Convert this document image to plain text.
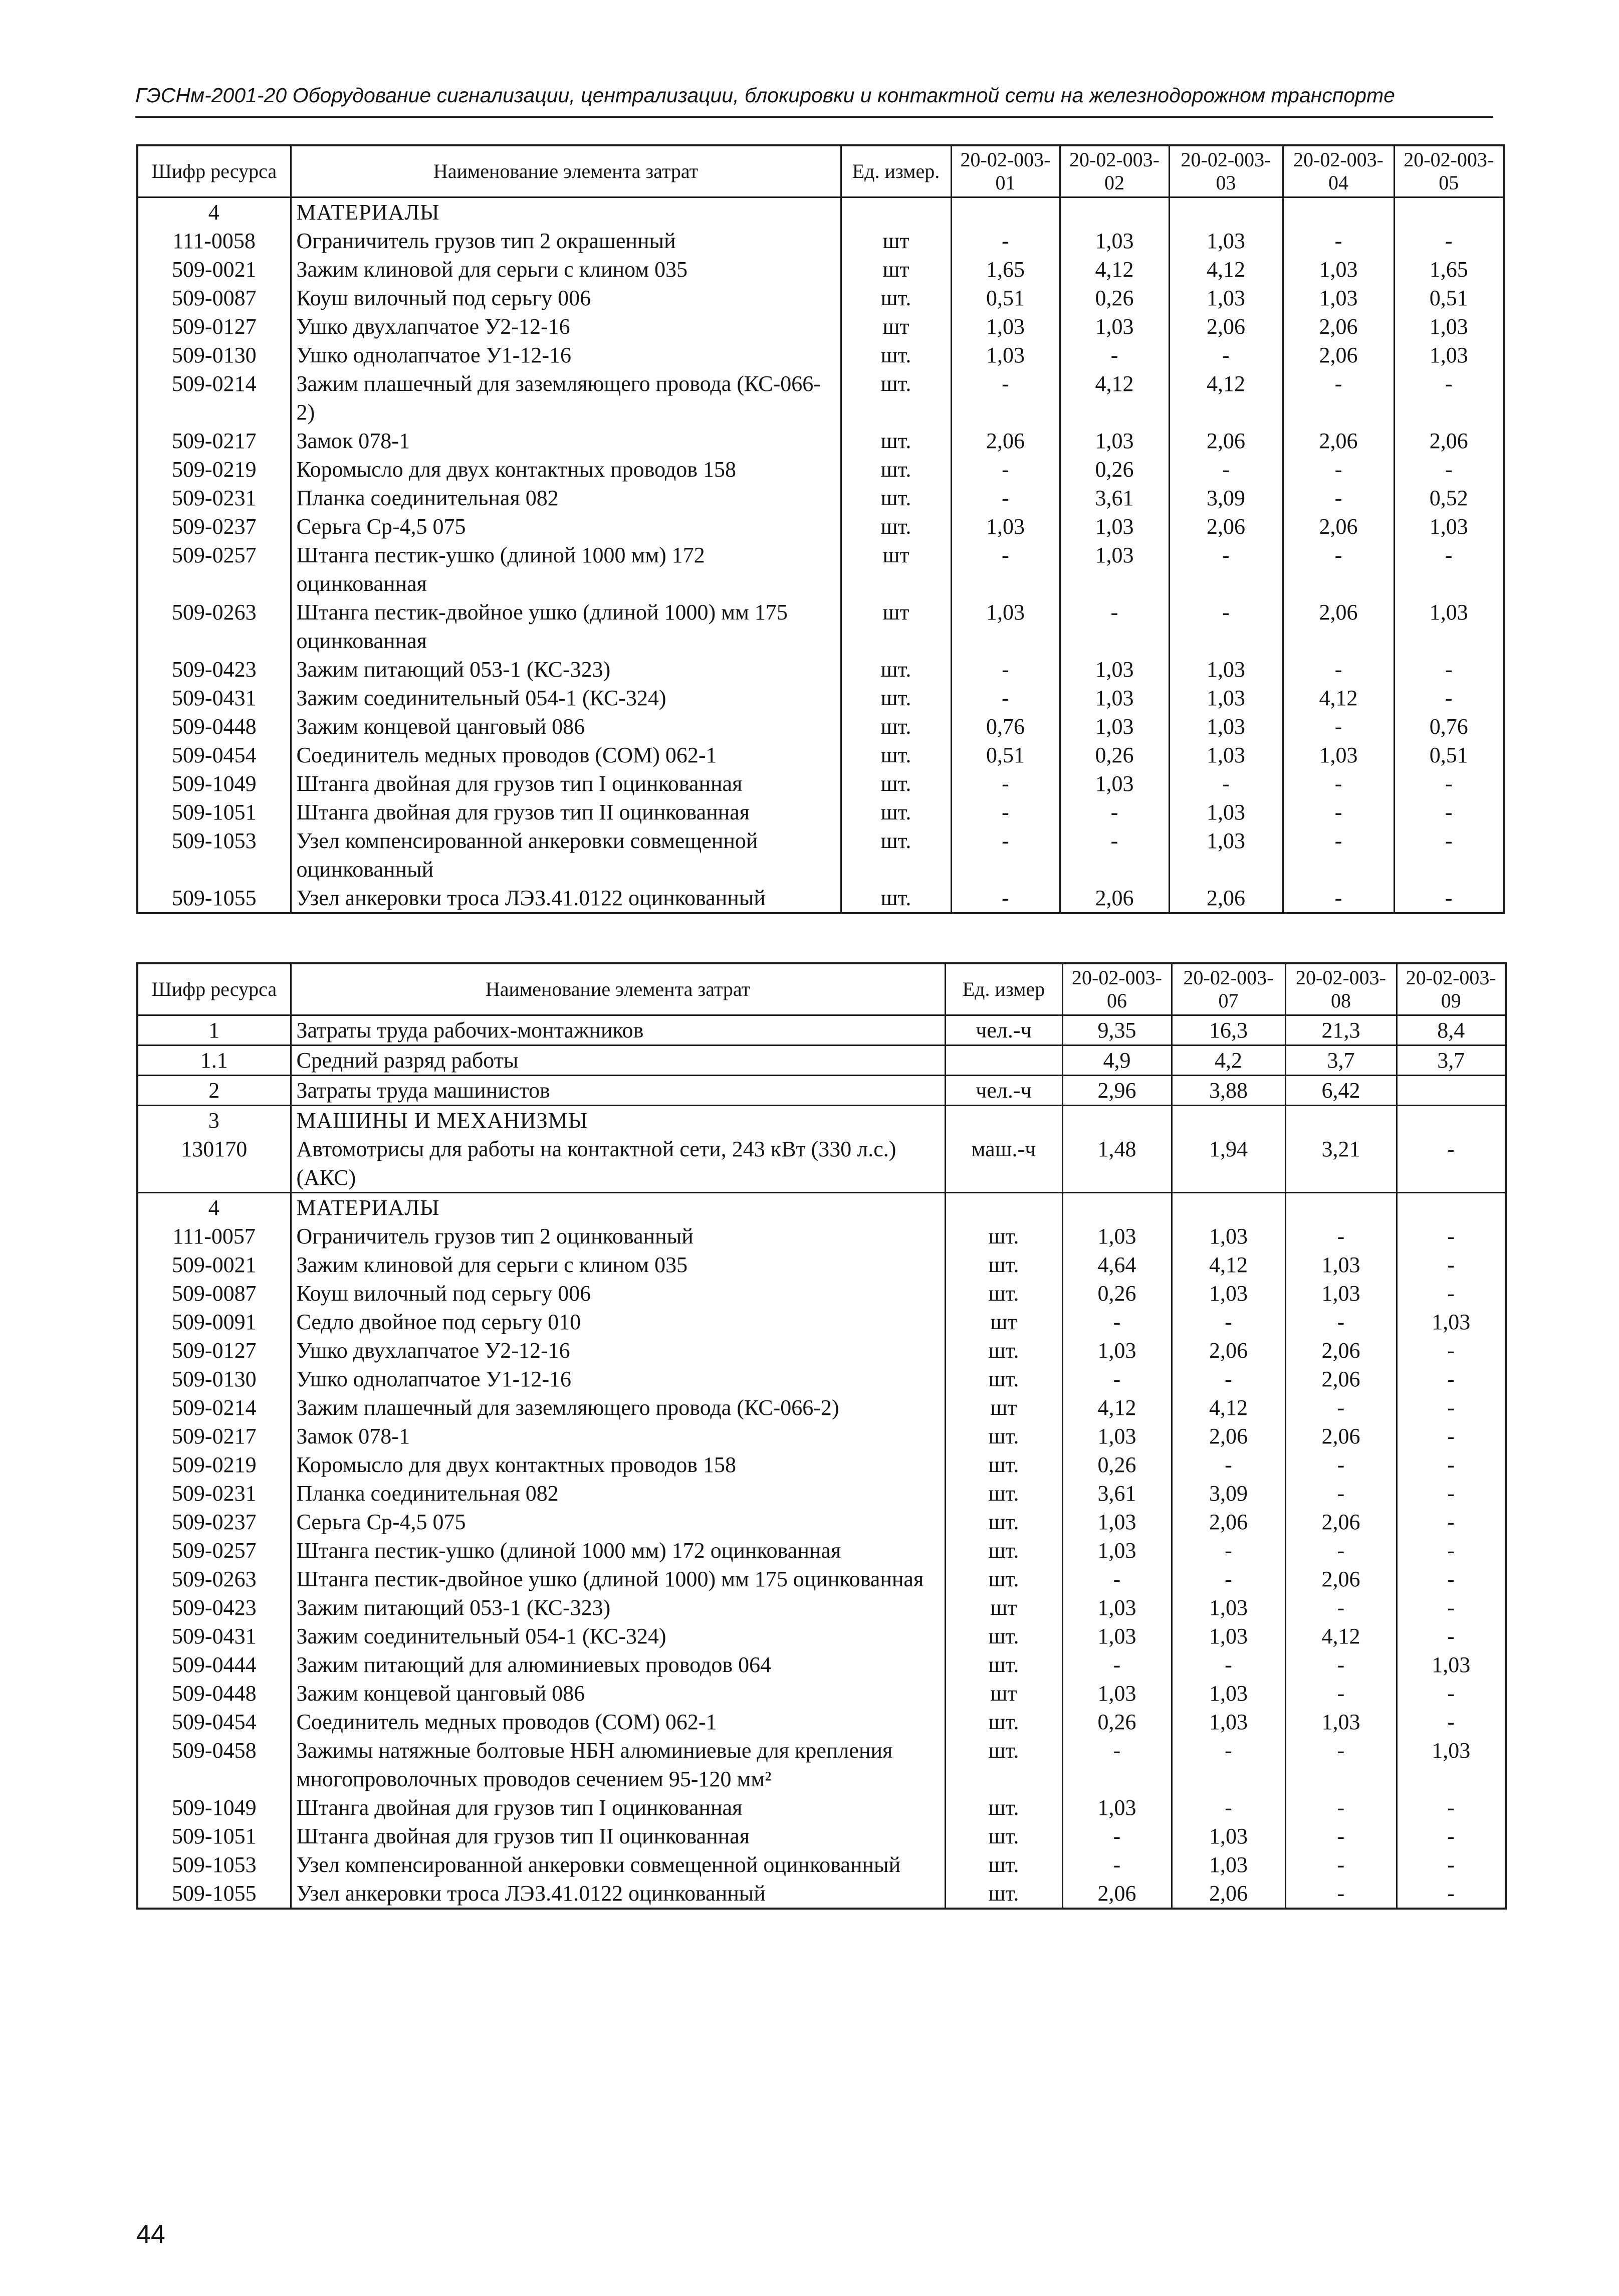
ГЭСНм-2001-20 Оборудование сигнализации, централизации, блокировки и контактной сети на железнодорожном транспорте
Шифр ресурса	Наименование элемента затрат	Ед. измер.	20-02-003-01	20-02-003-02	20-02-003-03	20-02-003-04	20-02-003-05
4	МАТЕРИАЛЫ						
111-0058	Ограничитель грузов тип 2 окрашенный	шт	-	1,03	1,03	-	-
509-0021	Зажим клиновой для серьги с клином 035	шт	1,65	4,12	4,12	1,03	1,65
509-0087	Коуш вилочный под серьгу 006	шт.	0,51	0,26	1,03	1,03	0,51
509-0127	Ушко двухлапчатое У2-12-16	шт	1,03	1,03	2,06	2,06	1,03
509-0130	Ушко однолапчатое У1-12-16	шт.	1,03	-	-	2,06	1,03
509-0214	Зажим плашечный для заземляющего провода (КС-066-2)	шт.	-	4,12	4,12	-	-
509-0217	Замок 078-1	шт.	2,06	1,03	2,06	2,06	2,06
509-0219	Коромысло для двух контактных проводов 158	шт.	-	0,26	-	-	-
509-0231	Планка соединительная 082	шт.	-	3,61	3,09	-	0,52
509-0237	Серьга Ср-4,5 075	шт.	1,03	1,03	2,06	2,06	1,03
509-0257	Штанга пестик-ушко (длиной 1000 мм) 172 оцинкованная	шт	-	1,03	-	-	-
509-0263	Штанга пестик-двойное ушко (длиной 1000) мм 175 оцинкованная	шт	1,03	-	-	2,06	1,03
509-0423	Зажим питающий 053-1 (КС-323)	шт.	-	1,03	1,03	-	-
509-0431	Зажим соединительный 054-1 (КС-324)	шт.	-	1,03	1,03	4,12	-
509-0448	Зажим концевой цанговый 086	шт.	0,76	1,03	1,03	-	0,76
509-0454	Соединитель медных проводов (СОМ) 062-1	шт.	0,51	0,26	1,03	1,03	0,51
509-1049	Штанга двойная для грузов тип I оцинкованная	шт.	-	1,03	-	-	-
509-1051	Штанга двойная для грузов тип II оцинкованная	шт.	-	-	1,03	-	-
509-1053	Узел компенсированной анкеровки совмещенной оцинкованный	шт.	-	-	1,03	-	-
509-1055	Узел анкеровки троса ЛЭЗ.41.0122 оцинкованный	шт.	-	2,06	2,06	-	-
Шифр ресурса	Наименование элемента затрат	Ед. измер	20-02-003-06	20-02-003-07	20-02-003-08	20-02-003-09
1	Затраты труда рабочих-монтажников	чел.-ч	9,35	16,3	21,3	8,4
1.1	Средний разряд работы		4,9	4,2	3,7	3,7
2	Затраты труда машинистов	чел.-ч	2,96	3,88	6,42	
3	МАШИНЫ И МЕХАНИЗМЫ					
130170	Автомотрисы для работы на контактной сети, 243 кВт (330 л.с.) (АКС)	маш.-ч	1,48	1,94	3,21	-
4	МАТЕРИАЛЫ					
111-0057	Ограничитель грузов тип 2 оцинкованный	шт.	1,03	1,03	-	-
509-0021	Зажим клиновой для серьги с клином 035	шт.	4,64	4,12	1,03	-
509-0087	Коуш вилочный под серьгу 006	шт.	0,26	1,03	1,03	-
509-0091	Седло двойное под серьгу 010	шт	-	-	-	1,03
509-0127	Ушко двухлапчатое У2-12-16	шт.	1,03	2,06	2,06	-
509-0130	Ушко однолапчатое У1-12-16	шт.	-	-	2,06	-
509-0214	Зажим плашечный для заземляющего провода (КС-066-2)	шт	4,12	4,12	-	-
509-0217	Замок 078-1	шт.	1,03	2,06	2,06	-
509-0219	Коромысло для двух контактных проводов 158	шт.	0,26	-	-	-
509-0231	Планка соединительная 082	шт.	3,61	3,09	-	-
509-0237	Серьга Ср-4,5 075	шт.	1,03	2,06	2,06	-
509-0257	Штанга пестик-ушко (длиной 1000 мм) 172 оцинкованная	шт.	1,03	-	-	-
509-0263	Штанга пестик-двойное ушко (длиной 1000) мм 175 оцинкованная	шт.	-	-	2,06	-
509-0423	Зажим питающий 053-1 (КС-323)	шт	1,03	1,03	-	-
509-0431	Зажим соединительный 054-1 (КС-324)	шт.	1,03	1,03	4,12	-
509-0444	Зажим питающий для алюминиевых проводов 064	шт.	-	-	-	1,03
509-0448	Зажим концевой цанговый 086	шт	1,03	1,03	-	-
509-0454	Соединитель медных проводов (СОМ) 062-1	шт.	0,26	1,03	1,03	-
509-0458	Зажимы натяжные болтовые НБН алюминиевые для крепления многопроволочных проводов сечением 95-120 мм²	шт.	-	-	-	1,03
509-1049	Штанга двойная для грузов тип I оцинкованная	шт.	1,03	-	-	-
509-1051	Штанга двойная для грузов тип II оцинкованная	шт.	-	1,03	-	-
509-1053	Узел компенсированной анкеровки совмещенной оцинкованный	шт.	-	1,03	-	-
509-1055	Узел анкеровки троса ЛЭЗ.41.0122 оцинкованный	шт.	2,06	2,06	-	-
44
